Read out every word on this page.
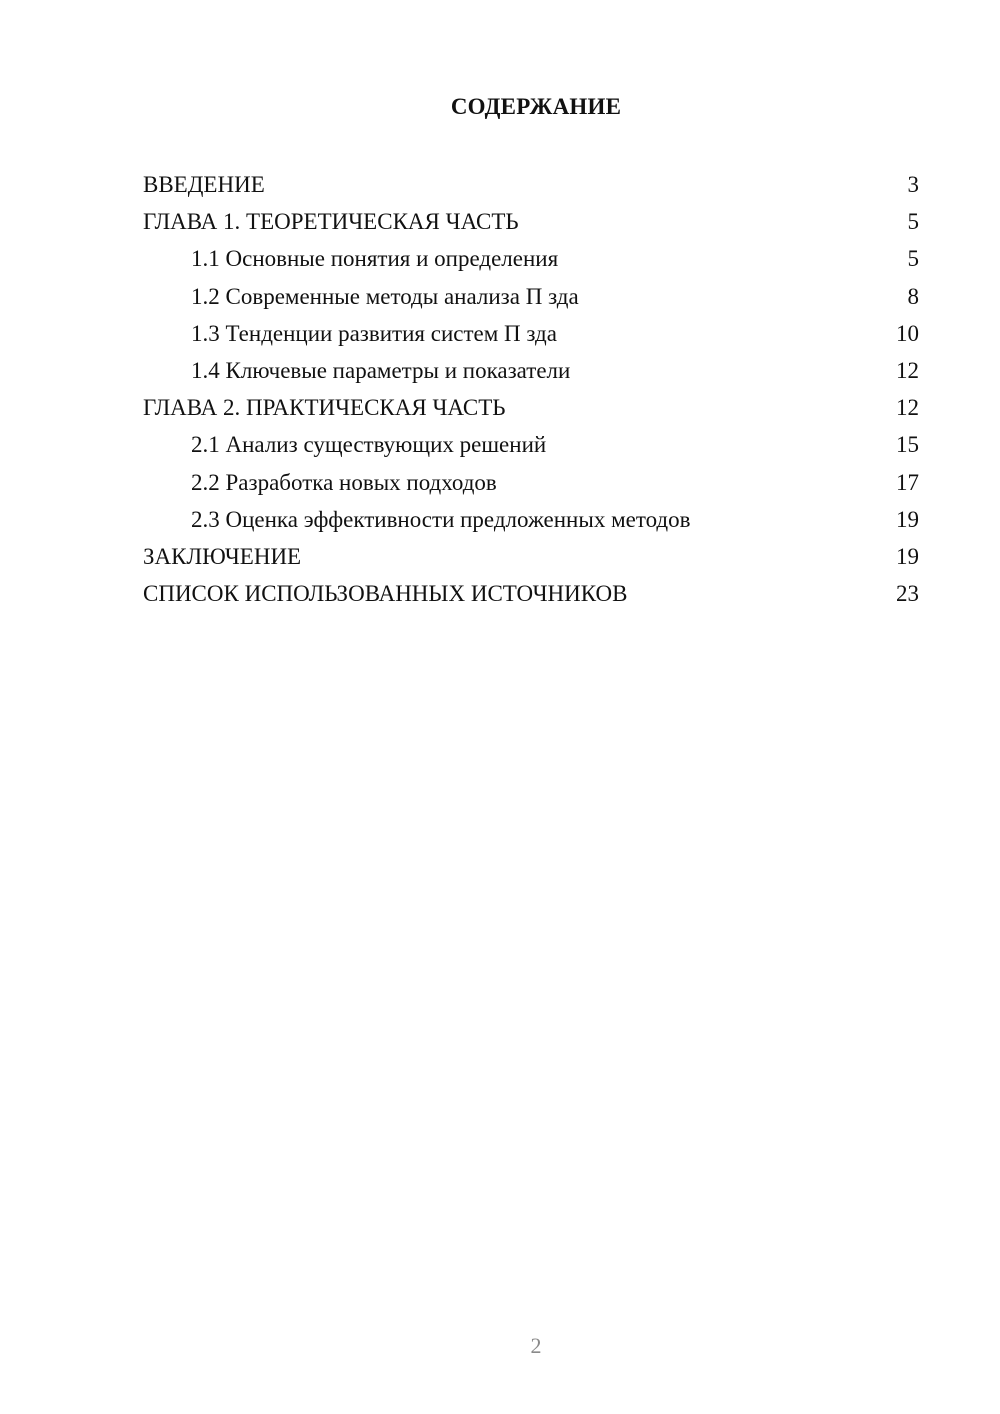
СОДЕРЖАНИЕ
ВВЕДЕНИЕ	3
ГЛАВА 1. ТЕОРЕТИЧЕСКАЯ ЧАСТЬ	5
1.1 Основные понятия и определения	5
1.2 Современные методы анализа П зда	8
1.3 Тенденции развития систем П зда	10
1.4 Ключевые параметры и показатели	12
ГЛАВА 2. ПРАКТИЧЕСКАЯ ЧАСТЬ	12
2.1 Анализ существующих решений	15
2.2 Разработка новых подходов	17
2.3 Оценка эффективности предложенных методов	19
ЗАКЛЮЧЕНИЕ	19
СПИСОК ИСПОЛЬЗОВАННЫХ ИСТОЧНИКОВ	23
2
